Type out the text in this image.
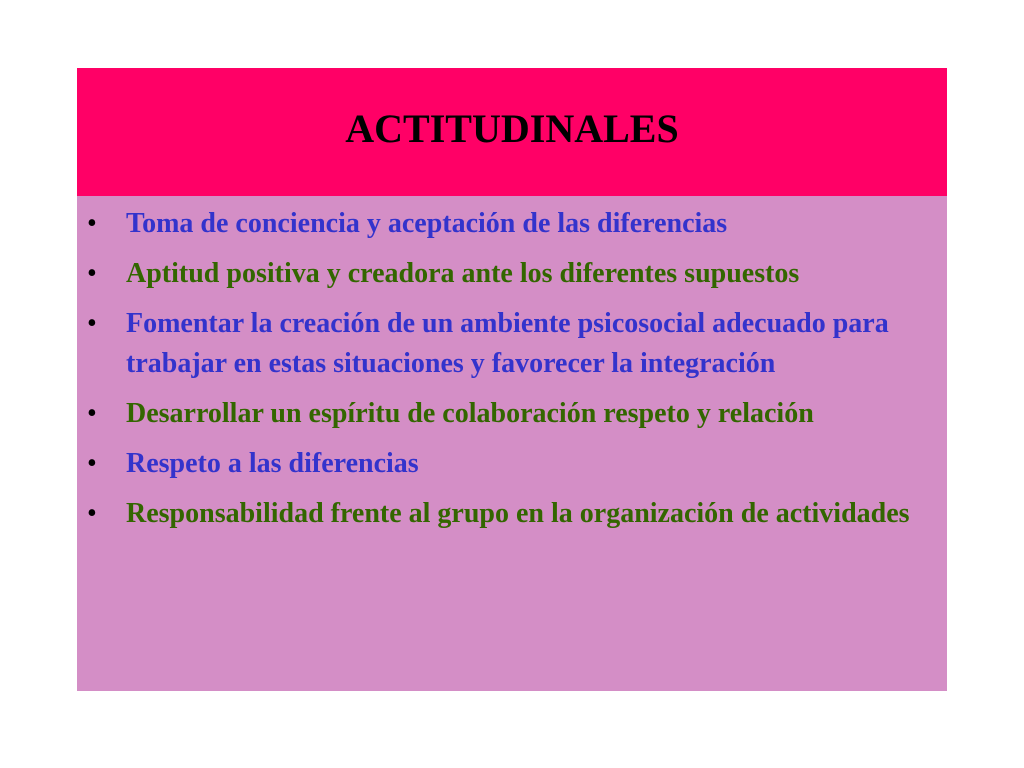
ACTITUDINALES
• Toma de conciencia y aceptación de las diferencias
• Aptitud positiva y creadora ante los diferentes supuestos
• Fomentar la creación de un ambiente psicosocial adecuado para trabajar en estas situaciones y favorecer la integración
• Desarrollar un espíritu de colaboración respeto y relación
• Respeto a las diferencias
• Responsabilidad frente al grupo en la organización de actividades
